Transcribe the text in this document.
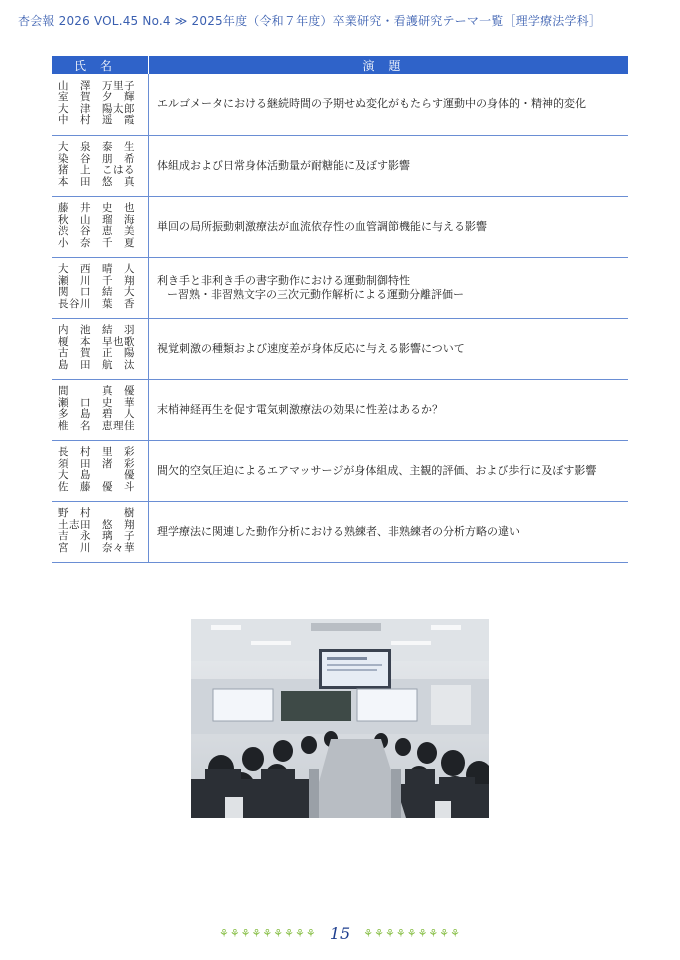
杏会報 2026 VOL.45 No.4 ≫ 2025年度（令和７年度）卒業研究・看護研究テーマ一覧［理学療法学科］
氏名	演題

山　澤　万里子
室　賀　夕　輝
大　津　陽太郎
中　村　遥　霞	エルゴメータにおける継続時間の予期せぬ変化がもたらす運動中の身体的・精神的変化

大　泉　泰　生
染　谷　朋　希
猪　上　こはる
本　田　悠　真	体組成および日常身体活動量が耐糖能に及ぼす影響

藤　井　史　也
秋　山　瑠　海
渋　谷　恵　美
小　奈　千　夏	単回の局所振動刺激療法が血流依存性の血管調節機能に与える影響

大　西　晴　人
瀬　川　千　翔
関　口　結　大
長谷川　葉　香	利き手と非利き手の書字動作における運動制御特性
ー習熟・非習熟文字の三次元動作解析による運動分離評価ー

内　池　結　羽
榎　本　早也歌
古　賀　正　陽
島　田　航　汰	視覚刺激の種類および速度差が身体反応に与える影響について

間　　　真　優
瀬　口　史　華
多　島　碧　人
椎　名　恵理佳	末梢神経再生を促す電気刺激療法の効果に性差はあるか？

長　村　里　彩
須　田　渚　彩
大　島　　　優
佐　藤　優　斗	間欠的空気圧迫によるエアマッサージが身体組成、主観的評価、および歩行に及ぼす影響

野　村　　　樹
土志田　悠　翔
吉　永　璃　子
宮　川　奈々華	理学療法に関連した動作分析における熟練者、非熟練者の分析方略の違い
⚘⚘⚘⚘⚘⚘⚘⚘⚘ 15 ⚘⚘⚘⚘⚘⚘⚘⚘⚘
